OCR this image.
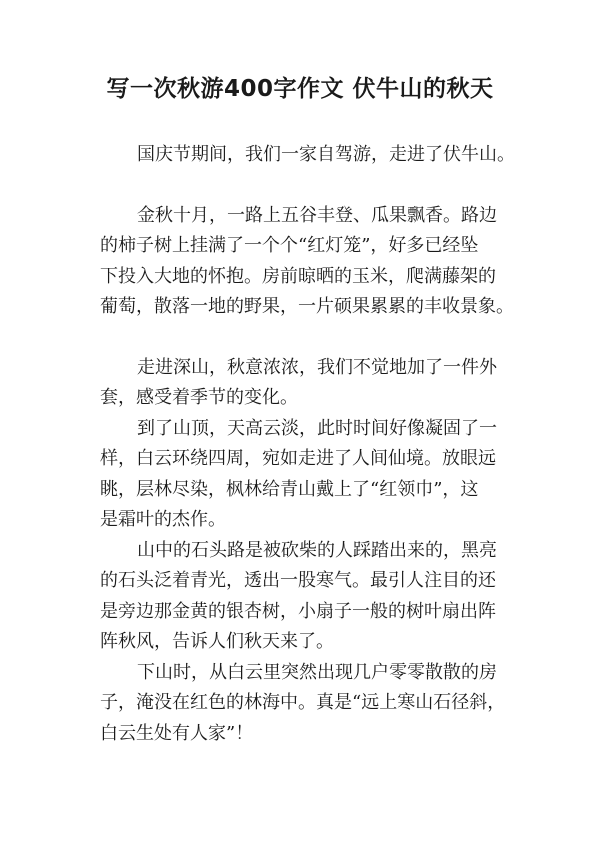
写一次秋游400字作文 伏牛山的秋天

国庆节期间，我们一家自驾游，走进了伏牛山。

金秋十月，一路上五谷丰登、瓜果飘香。路边
的柿子树上挂满了一个个“红灯笼”，好多已经坠
下投入大地的怀抱。房前晾晒的玉米，爬满藤架的
葡萄，散落一地的野果，一片硕果累累的丰收景象。

走进深山，秋意浓浓，我们不觉地加了一件外
套，感受着季节的变化。

到了山顶，天高云淡，此时时间好像凝固了一
样，白云环绕四周，宛如走进了人间仙境。放眼远
眺，层林尽染，枫林给青山戴上了“红领巾”，这
是霜叶的杰作。

山中的石头路是被砍柴的人踩踏出来的，黑亮
的石头泛着青光，透出一股寒气。最引人注目的还
是旁边那金黄的银杏树，小扇子一般的树叶扇出阵
阵秋风，告诉人们秋天来了。

下山时，从白云里突然出现几户零零散散的房
子，淹没在红色的林海中。真是“远上寒山石径斜，
白云生处有人家”！
